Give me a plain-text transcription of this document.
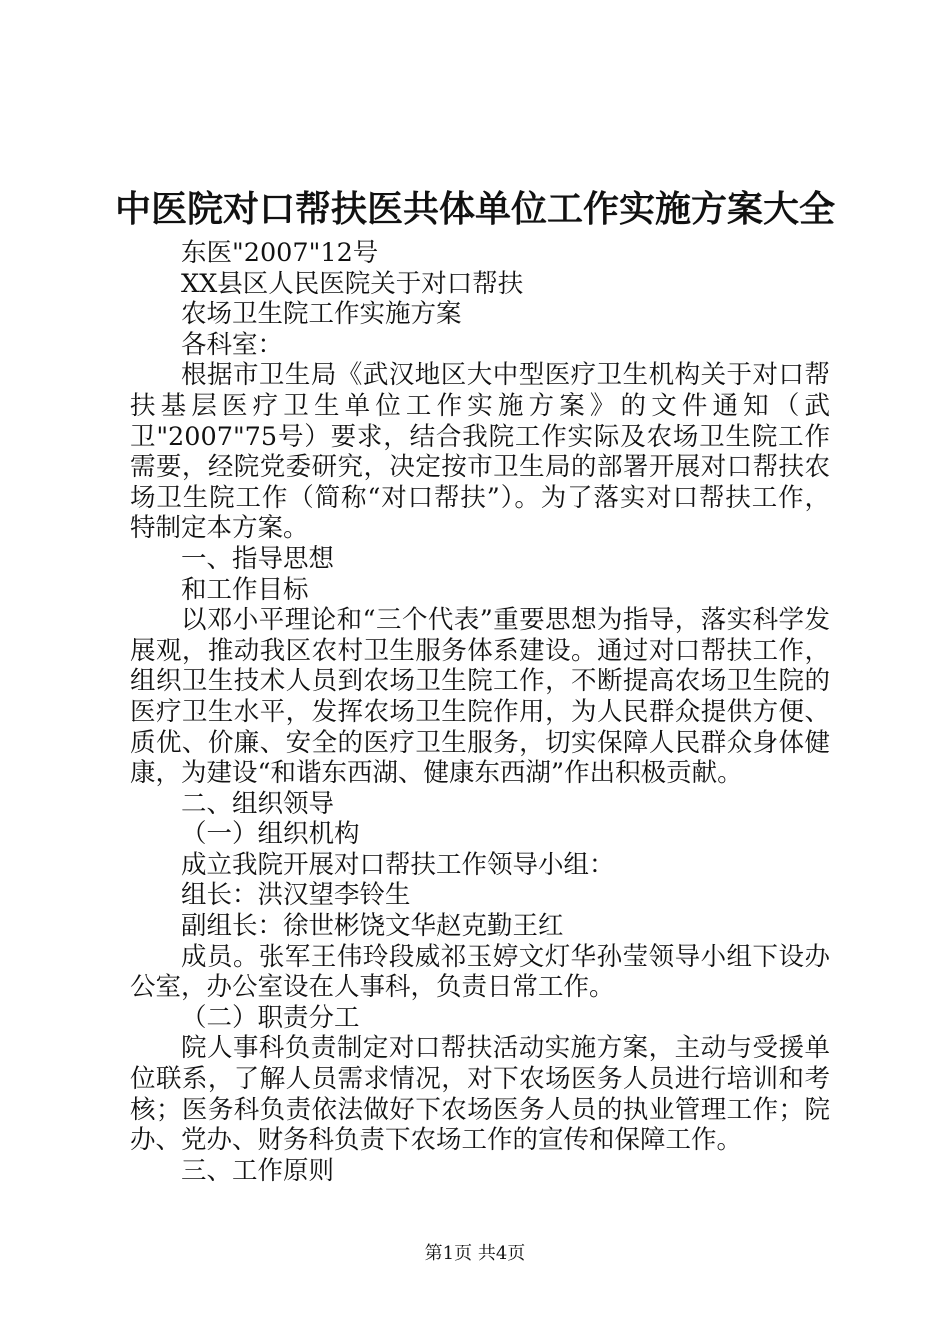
中医院对口帮扶医共体单位工作实施方案大全

东医"2007"12号

XX县区人民医院关于对口帮扶

农场卫生院工作实施方案

各科室：

根据市卫生局《武汉地区大中型医疗卫生机构关于对口帮扶基层医疗卫生单位工作实施方案》的文件通知（武卫"2007"75号）要求，结合我院工作实际及农场卫生院工作需要，经院党委研究，决定按市卫生局的部署开展对口帮扶农场卫生院工作（简称“对口帮扶”）。为了落实对口帮扶工作，特制定本方案。

一、指导思想

和工作目标

以邓小平理论和“三个代表”重要思想为指导，落实科学发展观，推动我区农村卫生服务体系建设。通过对口帮扶工作，组织卫生技术人员到农场卫生院工作，不断提高农场卫生院的医疗卫生水平，发挥农场卫生院作用，为人民群众提供方便、质优、价廉、安全的医疗卫生服务，切实保障人民群众身体健康，为建设“和谐东西湖、健康东西湖”作出积极贡献。

二、组织领导

（一）组织机构

成立我院开展对口帮扶工作领导小组：

组长：洪汉望李铃生

副组长：徐世彬饶文华赵克勤王红

成员。张军王伟玲段威祁玉婷文灯华孙莹领导小组下设办公室，办公室设在人事科，负责日常工作。

（二）职责分工

院人事科负责制定对口帮扶活动实施方案，主动与受援单位联系，了解人员需求情况，对下农场医务人员进行培训和考核；医务科负责依法做好下农场医务人员的执业管理工作；院办、党办、财务科负责下农场工作的宣传和保障工作。

三、工作原则

第1页 共4页
